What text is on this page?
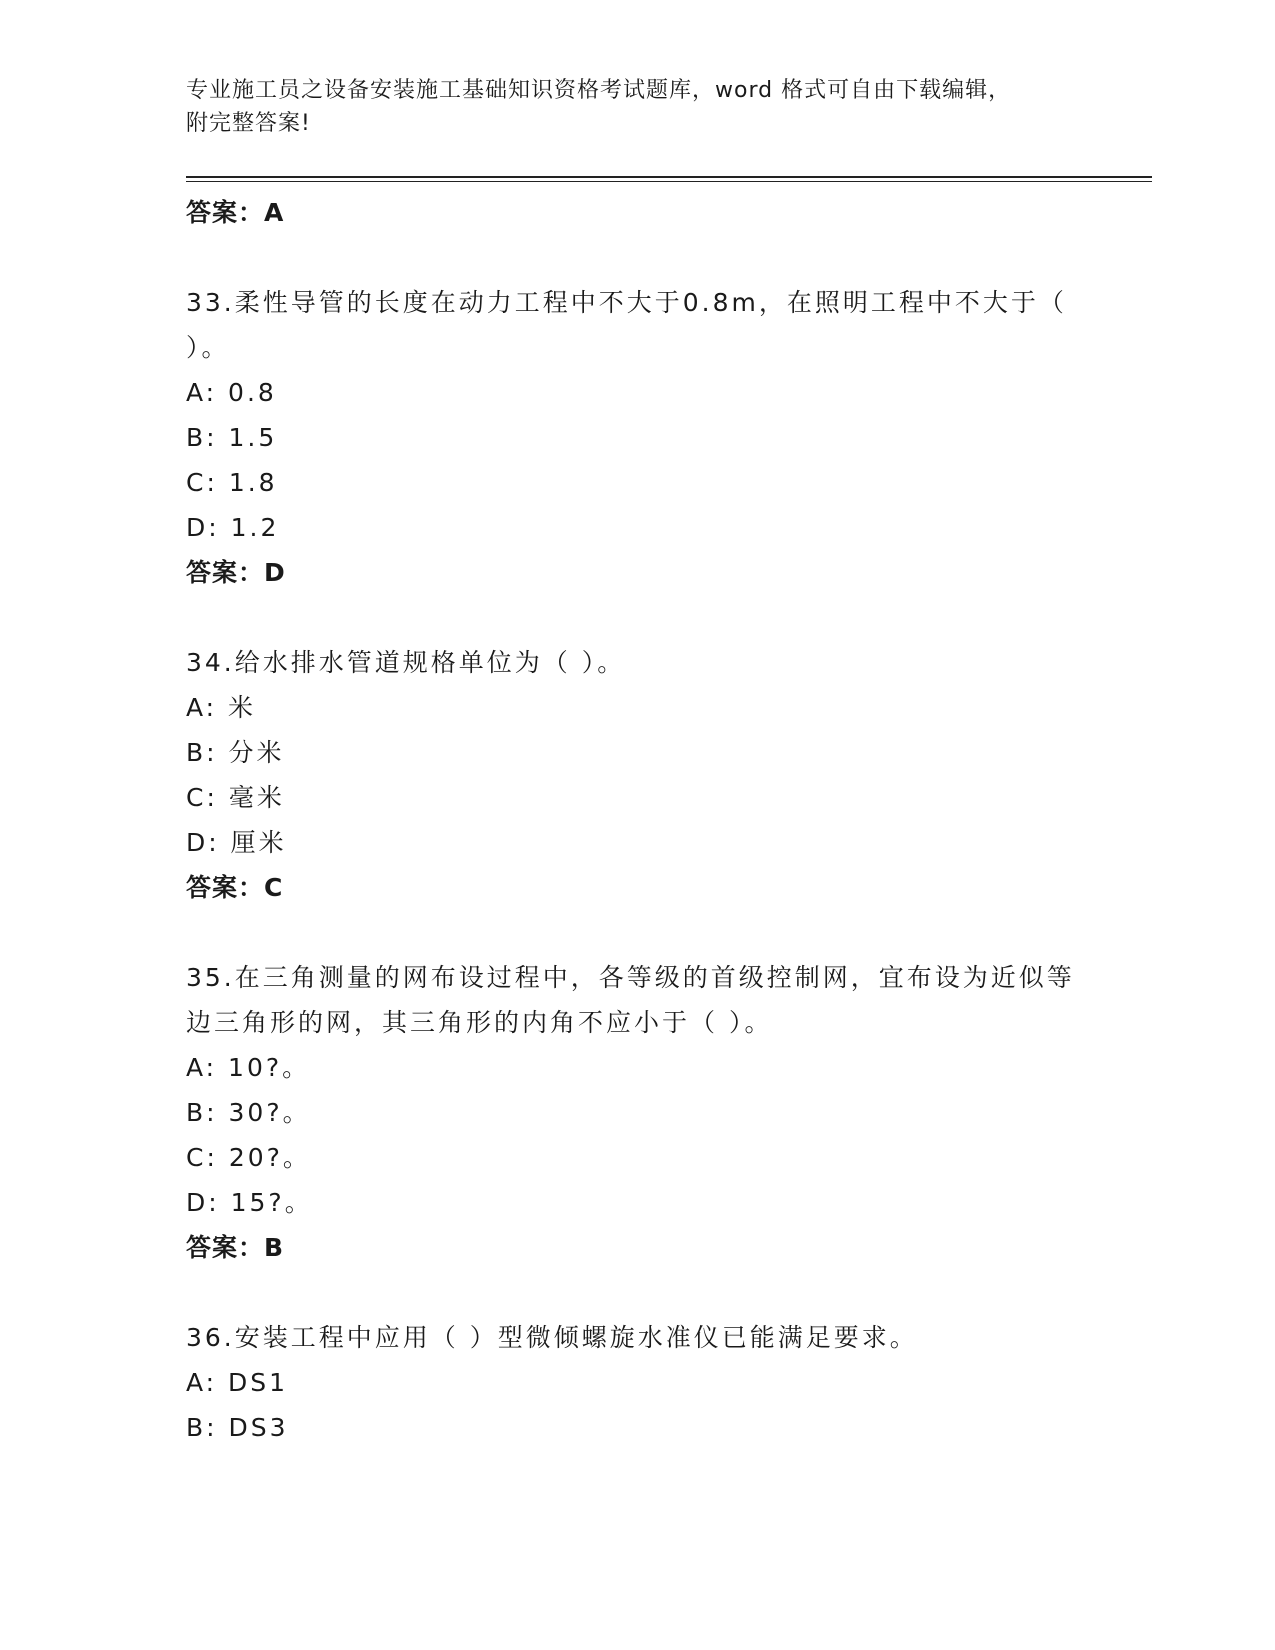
专业施工员之设备安装施工基础知识资格考试题库，word 格式可自由下载编辑，
附完整答案!
答案：A
33.柔性导管的长度在动力工程中不大于0.8m，在照明工程中不大于（ ）。
A: 0.8
B: 1.5
C: 1.8
D: 1.2
答案：D
34.给水排水管道规格单位为（ ）。
A: 米
B: 分米
C: 毫米
D: 厘米
答案：C
35.在三角测量的网布设过程中，各等级的首级控制网，宜布设为近似等边三角形的网，其三角形的内角不应小于（ ）。
A: 10?。
B: 30?。
C: 20?。
D: 15?。
答案：B
36.安装工程中应用（ ）型微倾螺旋水准仪已能满足要求。
A: DS1
B: DS3
